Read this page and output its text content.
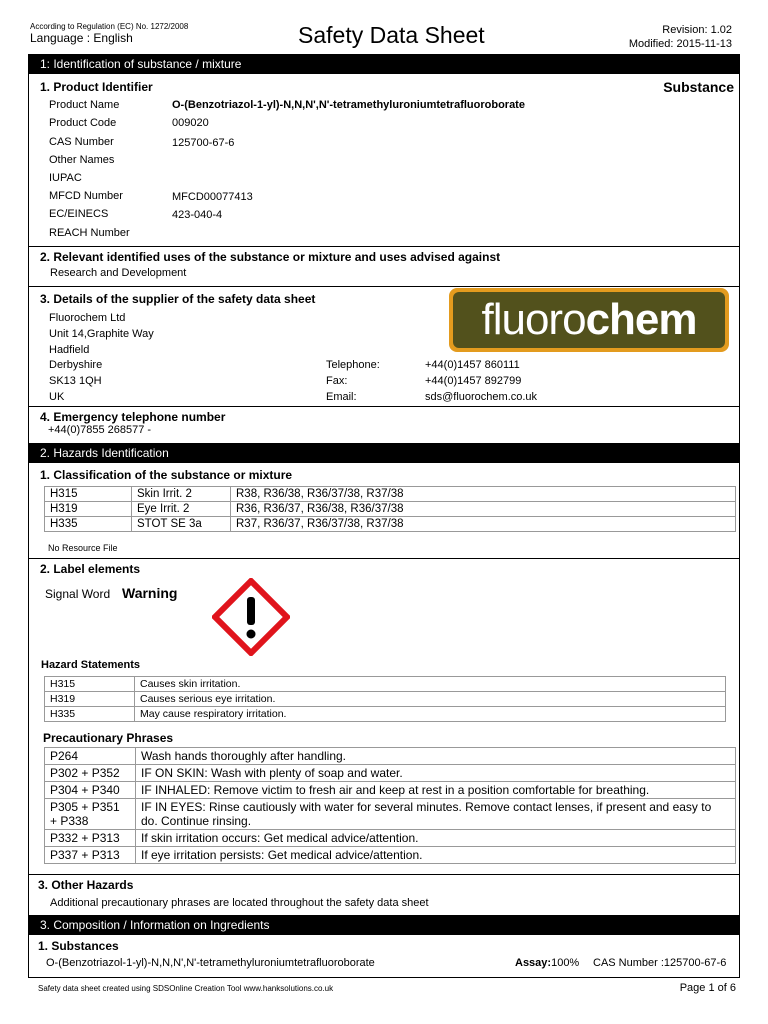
According to Regulation (EC) No. 1272/2008
Language : English	Safety Data Sheet	Revision: 1.02
Modified: 2015-11-13
1: Identification of substance / mixture
1. Product Identifier	Substance
Product Name	O-(Benzotriazol-1-yl)-N,N,N',N'-tetramethyluroniumtetrafluoroborate
Product Code	009020
CAS Number	125700-67-6
Other Names
IUPAC
MFCD Number	MFCD00077413
EC/EINECS	423-040-4
REACH Number
2. Relevant identified uses of the substance or mixture and uses advised against
Research and Development
3. Details of the supplier of the safety data sheet
Fluorochem Ltd
Unit 14,Graphite Way
Hadfield
Derbyshire
SK13 1QH
UK
Telephone:	+44(0)1457 860111
Fax:	+44(0)1457 892799
Email:	sds@fluorochem.co.uk
fluorochem
4. Emergency telephone number
+44(0)7855 268577 -
2. Hazards Identification
1. Classification of the substance or mixture
H315	Skin Irrit. 2	R38, R36/38, R36/37/38, R37/38
H319	Eye Irrit. 2	R36, R36/37, R36/38, R36/37/38
H335	STOT SE 3a	R37, R36/37, R36/37/38, R37/38
No Resource File
2. Label elements
Signal Word Warning
Hazard Statements
H315	Causes skin irritation.
H319	Causes serious eye irritation.
H335	May cause respiratory irritation.
Precautionary Phrases
P264	Wash hands thoroughly after handling.
P302 + P352	IF ON SKIN: Wash with plenty of soap and water.
P304 + P340	IF INHALED: Remove victim to fresh air and keep at rest in a position comfortable for breathing.
P305 + P351 + P338	IF IN EYES: Rinse cautiously with water for several minutes. Remove contact lenses, if present and easy to do. Continue rinsing.
P332 + P313	If skin irritation occurs: Get medical advice/attention.
P337 + P313	If eye irritation persists: Get medical advice/attention.
3. Other Hazards
Additional precautionary phrases are located throughout the safety data sheet
3. Composition / Information on Ingredients
1. Substances
O-(Benzotriazol-1-yl)-N,N,N',N'-tetramethyluroniumtetrafluoroborate	Assay:100% CAS Number :125700-67-6
Safety data sheet created using SDSOnline Creation Tool www.hanksolutions.co.uk	Page 1 of 6
